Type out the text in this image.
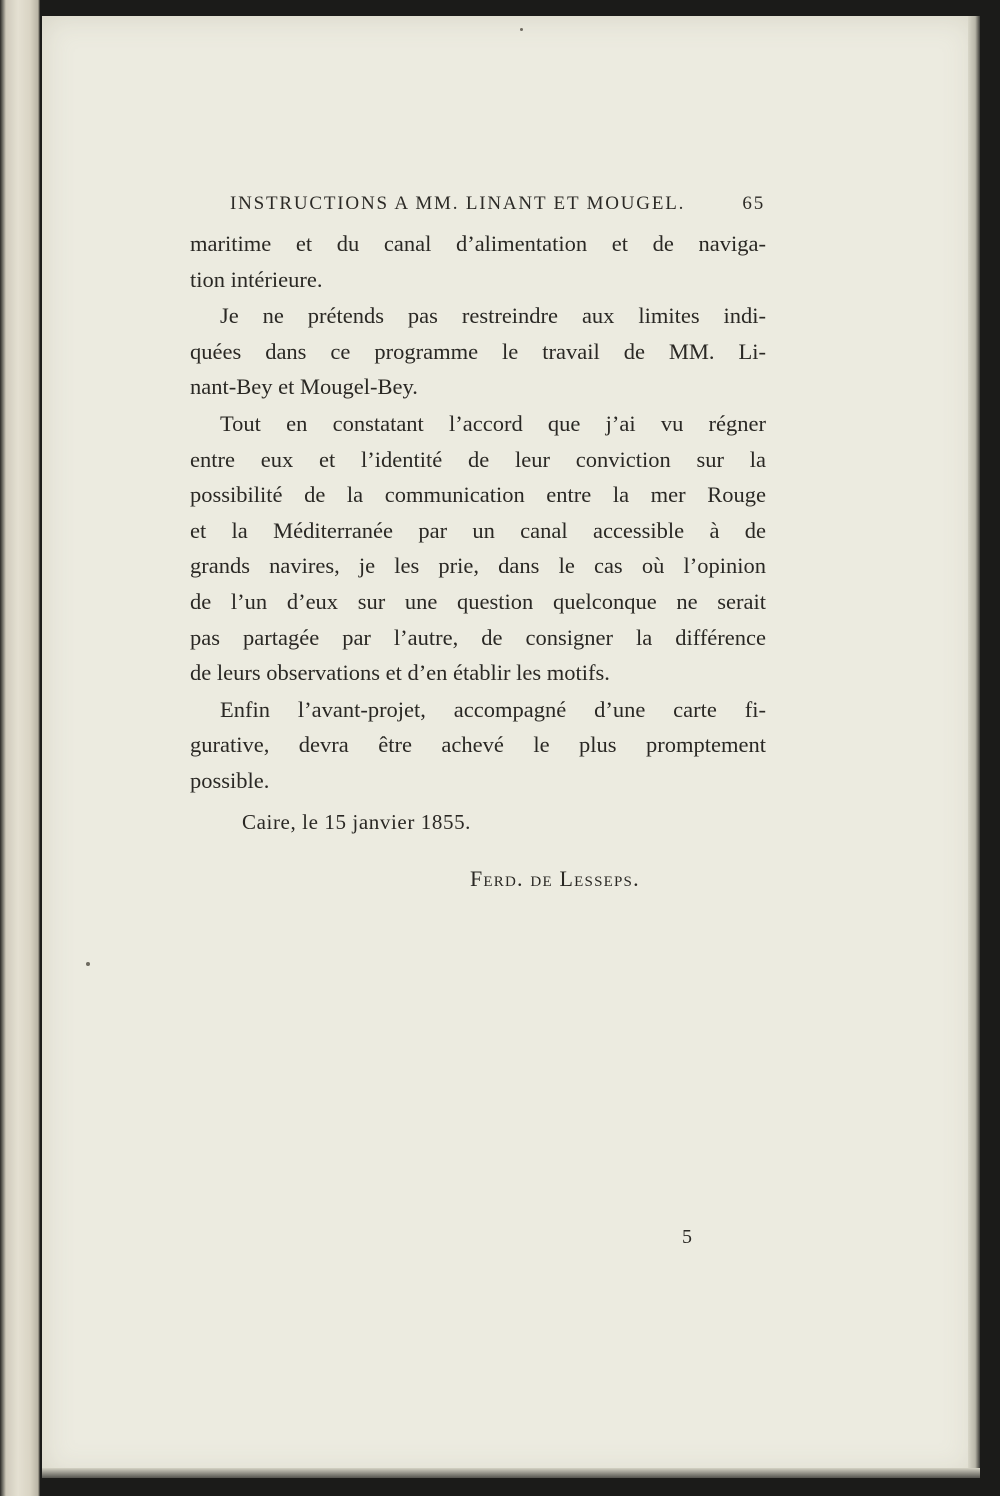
INSTRUCTIONS A MM. LINANT ET MOUGEL.	65
maritime et du canal d’alimentation et de naviga-
tion intérieure.
Je ne prétends pas restreindre aux limites indi-
quées dans ce programme le travail de MM. Li-
nant-Bey et Mougel-Bey.
Tout en constatant l’accord que j’ai vu régner
entre eux et l’identité de leur conviction sur la
possibilité de la communication entre la mer Rouge
et la Méditerranée par un canal accessible à de
grands navires, je les prie, dans le cas où l’opinion
de l’un d’eux sur une question quelconque ne serait
pas partagée par l’autre, de consigner la différence
de leurs observations et d’en établir les motifs.
Enfin l’avant-projet, accompagné d’une carte fi-
gurative, devra être achevé le plus promptement
possible.
Caire, le 15 janvier 1855.
Ferd. de Lesseps.
5
